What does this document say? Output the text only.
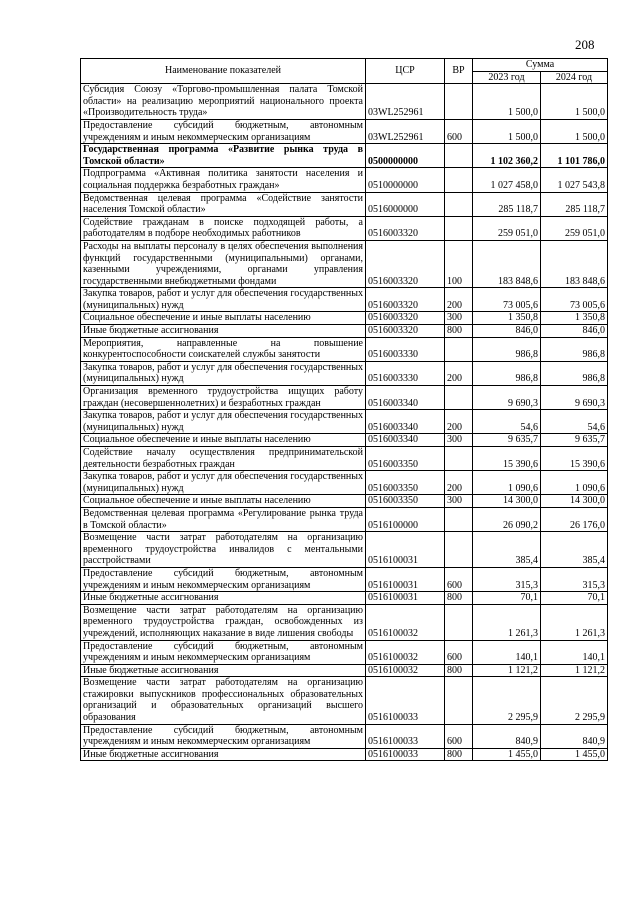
208
Наименование показателей	ЦСР	ВР	Сумма	
			2023 год	2024 год
Субсидия Союзу «Торгово-промышленная палата Томской области» на реализацию мероприятий национального проекта «Производительность труда»	03WL252961		1 500,0	1 500,0
Предоставление субсидий бюджетным, автономным учреждениям и иным некоммерческим организациям	03WL252961	600	1 500,0	1 500,0
Государственная программа «Развитие рынка труда в Томской области»	0500000000		1 102 360,2	1 101 786,0
Подпрограмма «Активная политика занятости населения и социальная поддержка безработных граждан»	0510000000		1 027 458,0	1 027 543,8
Ведомственная целевая программа «Содействие занятости населения Томской области»	0516000000		285 118,7	285 118,7
Содействие гражданам в поиске подходящей работы, а работодателям в подборе необходимых работников	0516003320		259 051,0	259 051,0
Расходы на выплаты персоналу в целях обеспечения выполнения функций государственными (муниципальными) органами, казенными учреждениями, органами управления государственными внебюджетными фондами	0516003320	100	183 848,6	183 848,6
Закупка товаров, работ и услуг для обеспечения государственных (муниципальных) нужд	0516003320	200	73 005,6	73 005,6
Социальное обеспечение и иные выплаты населению	0516003320	300	1 350,8	1 350,8
Иные бюджетные ассигнования	0516003320	800	846,0	846,0
Мероприятия, направленные на повышение конкурентоспособности соискателей службы занятости	0516003330		986,8	986,8
Закупка товаров, работ и услуг для обеспечения государственных (муниципальных) нужд	0516003330	200	986,8	986,8
Организация временного трудоустройства ищущих работу граждан (несовершеннолетних) и безработных граждан	0516003340		9 690,3	9 690,3
Закупка товаров, работ и услуг для обеспечения государственных (муниципальных) нужд	0516003340	200	54,6	54,6
Социальное обеспечение и иные выплаты населению	0516003340	300	9 635,7	9 635,7
Содействие началу осуществления предпринимательской деятельности безработных граждан	0516003350		15 390,6	15 390,6
Закупка товаров, работ и услуг для обеспечения государственных (муниципальных) нужд	0516003350	200	1 090,6	1 090,6
Социальное обеспечение и иные выплаты населению	0516003350	300	14 300,0	14 300,0
Ведомственная целевая программа «Регулирование рынка труда в Томской области»	0516100000		26 090,2	26 176,0
Возмещение части затрат работодателям на организацию временного трудоустройства инвалидов с ментальными расстройствами	0516100031		385,4	385,4
Предоставление субсидий бюджетным, автономным учреждениям и иным некоммерческим организациям	0516100031	600	315,3	315,3
Иные бюджетные ассигнования	0516100031	800	70,1	70,1
Возмещение части затрат работодателям на организацию временного трудоустройства граждан, освобожденных из учреждений, исполняющих наказание в виде лишения свободы	0516100032		1 261,3	1 261,3
Предоставление субсидий бюджетным, автономным учреждениям и иным некоммерческим организациям	0516100032	600	140,1	140,1
Иные бюджетные ассигнования	0516100032	800	1 121,2	1 121,2
Возмещение части затрат работодателям на организацию стажировки выпускников профессиональных образовательных организаций и образовательных организаций высшего образования	0516100033		2 295,9	2 295,9
Предоставление субсидий бюджетным, автономным учреждениям и иным некоммерческим организациям	0516100033	600	840,9	840,9
Иные бюджетные ассигнования	0516100033	800	1 455,0	1 455,0
